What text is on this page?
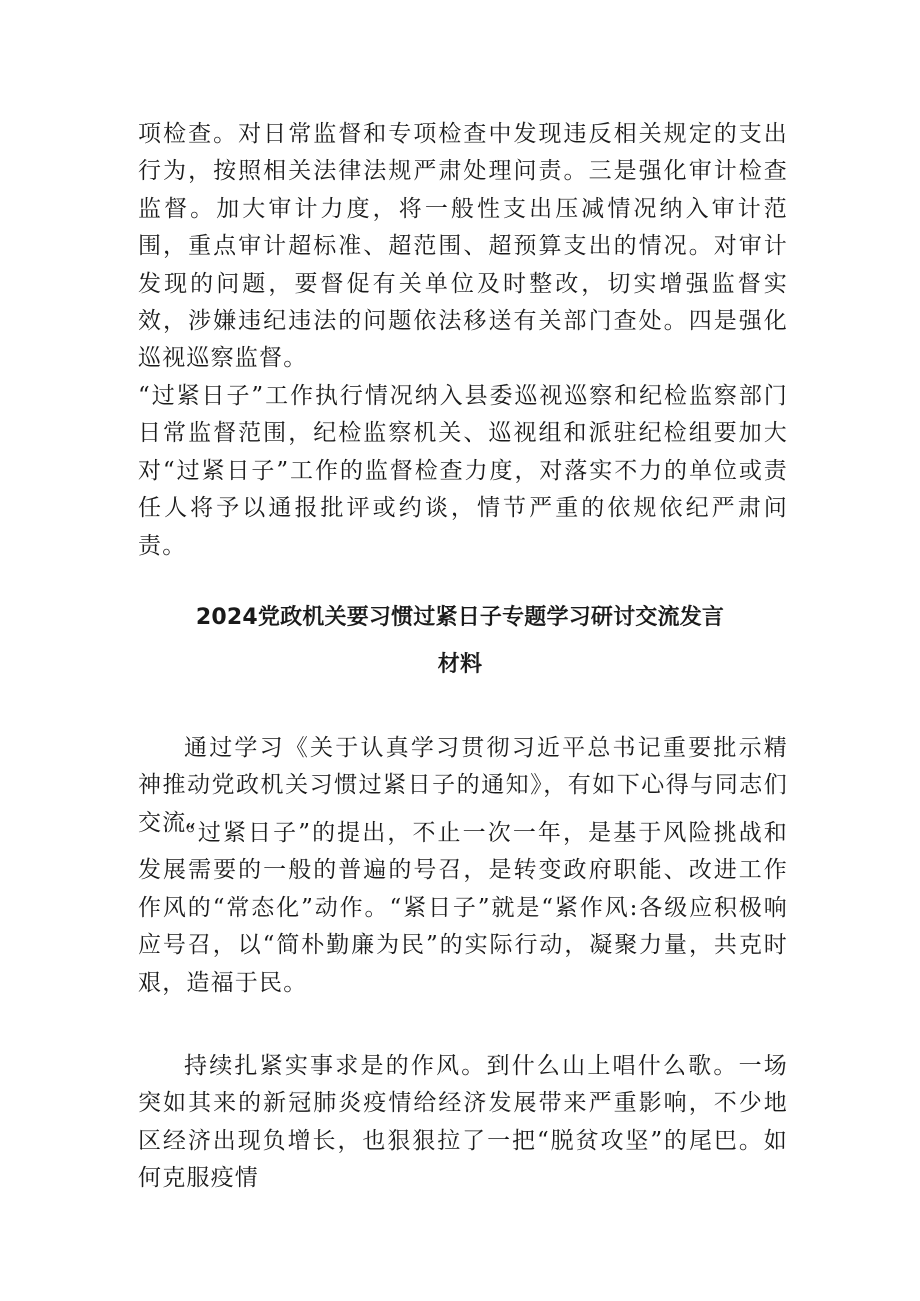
项检查。对日常监督和专项检查中发现违反相关规定的支出行为，按照相关法律法规严肃处理问责。三是强化审计检查监督。加大审计力度，将一般性支出压减情况纳入审计范围，重点审计超标准、超范围、超预算支出的情况。对审计发现的问题，要督促有关单位及时整改，切实增强监督实效，涉嫌违纪违法的问题依法移送有关部门查处。四是强化巡视巡察监督。

“过紧日子”工作执行情况纳入县委巡视巡察和纪检监察部门日常监督范围，纪检监察机关、巡视组和派驻纪检组要加大对“过紧日子”工作的监督检查力度，对落实不力的单位或责任人将予以通报批评或约谈，情节严重的依规依纪严肃问责。

2024党政机关要习惯过紧日子专题学习研讨交流发言
材料

通过学习《关于认真学习贯彻习近平总书记重要批示精神推动党政机关习惯过紧日子的通知》，有如下心得与同志们交流。

“过紧日子”的提出，不止一次一年，是基于风险挑战和发展需要的一般的普遍的号召，是转变政府职能、改进工作作风的“常态化”动作。“紧日子”就是“紧作风:各级应积极响应号召，以“简朴勤廉为民”的实际行动，凝聚力量，共克时艰，造福于民。

持续扎紧实事求是的作风。到什么山上唱什么歌。一场突如其来的新冠肺炎疫情给经济发展带来严重影响，不少地区经济出现负增长，也狠狠拉了一把“脱贫攻坚”的尾巴。如何克服疫情
